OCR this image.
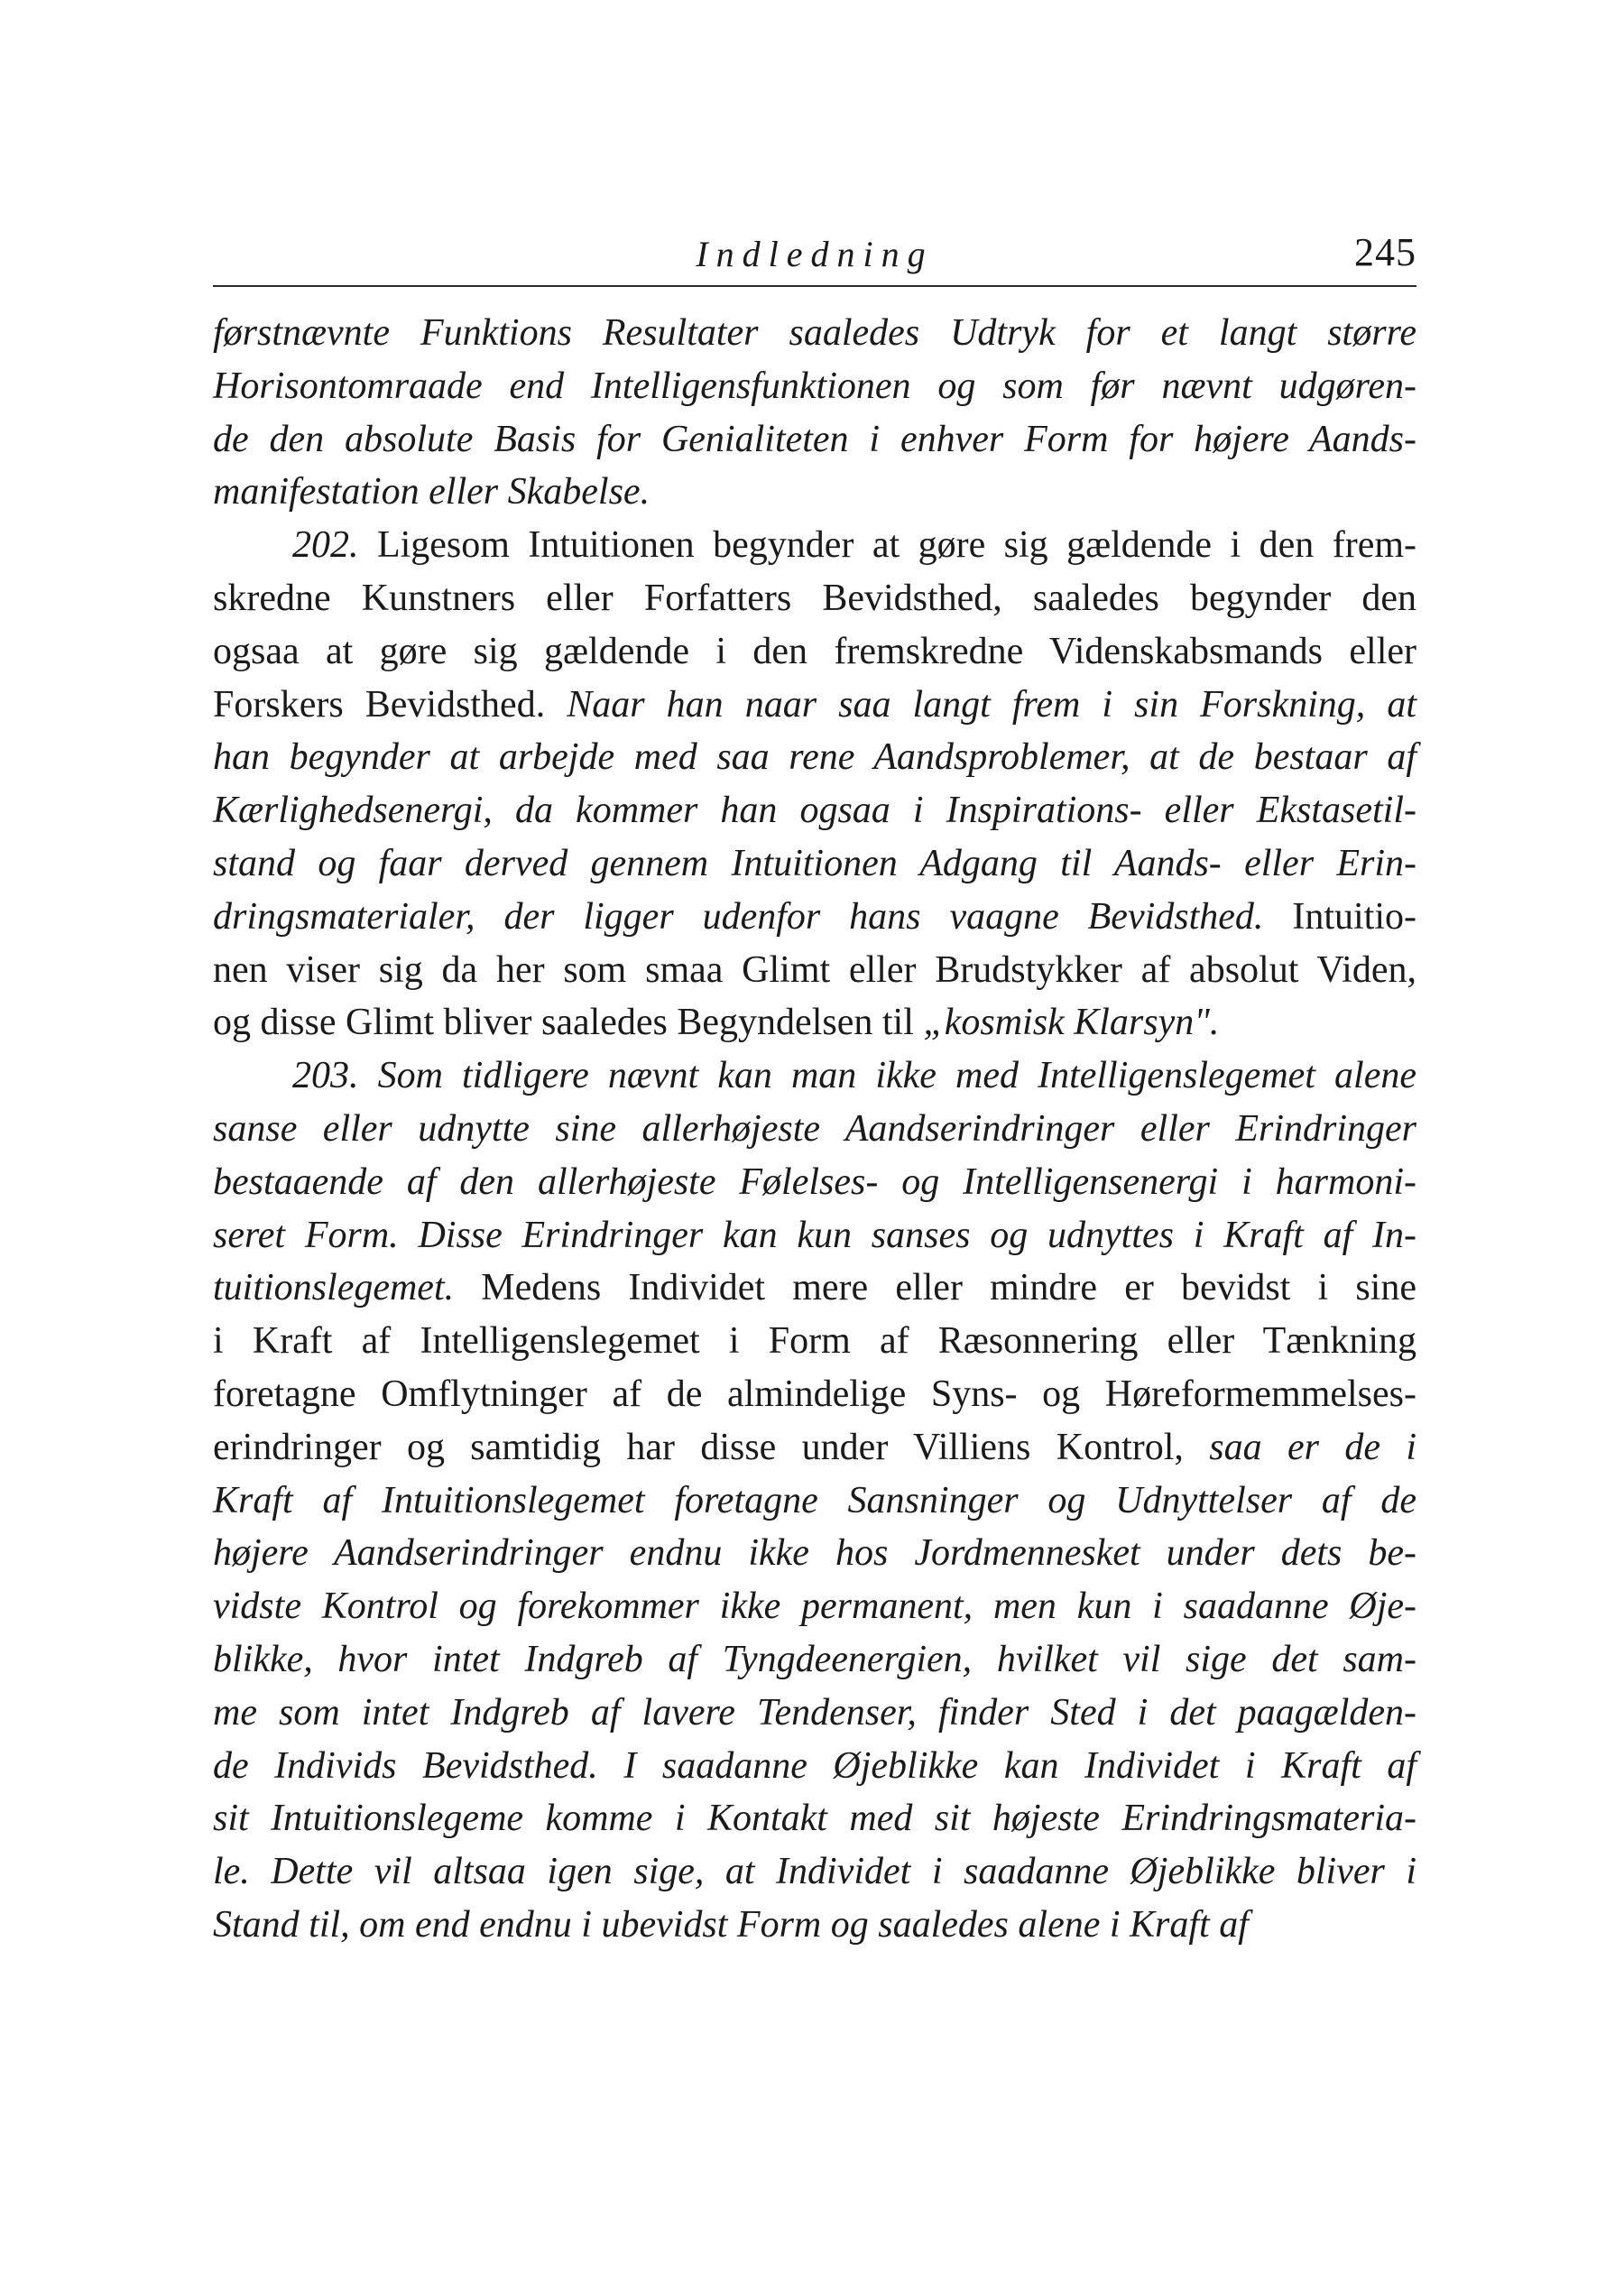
Indledning	245
førstnævnte Funktions Resultater saaledes Udtryk for et langt større
Horisontomraade end Intelligensfunktionen og som før nævnt udgøren-
de den absolute Basis for Genialiteten i enhver Form for højere Aands-
manifestation eller Skabelse.
202. Ligesom Intuitionen begynder at gøre sig gældende i den frem-
skredne Kunstners eller Forfatters Bevidsthed, saaledes begynder den
ogsaa at gøre sig gældende i den fremskredne Videnskabsmands eller
Forskers Bevidsthed. Naar han naar saa langt frem i sin Forskning, at
han begynder at arbejde med saa rene Aandsproblemer, at de bestaar af
Kærlighedsenergi, da kommer han ogsaa i Inspirations- eller Ekstasetil-
stand og faar derved gennem Intuitionen Adgang til Aands- eller Erin-
dringsmaterialer, der ligger udenfor hans vaagne Bevidsthed. Intuitio-
nen viser sig da her som smaa Glimt eller Brudstykker af absolut Viden,
og disse Glimt bliver saaledes Begyndelsen til „kosmisk Klarsyn".
203. Som tidligere nævnt kan man ikke med Intelligenslegemet alene
sanse eller udnytte sine allerhøjeste Aandserindringer eller Erindringer
bestaaende af den allerhøjeste Følelses- og Intelligensenergi i harmoni-
seret Form. Disse Erindringer kan kun sanses og udnyttes i Kraft af In-
tuitionslegemet. Medens Individet mere eller mindre er bevidst i sine
i Kraft af Intelligenslegemet i Form af Ræsonnering eller Tænkning
foretagne Omflytninger af de almindelige Syns- og Høreformemmelses-
erindringer og samtidig har disse under Villiens Kontrol, saa er de i
Kraft af Intuitionslegemet foretagne Sansninger og Udnyttelser af de
højere Aandserindringer endnu ikke hos Jordmennesket under dets be-
vidste Kontrol og forekommer ikke permanent, men kun i saadanne Øje-
blikke, hvor intet Indgreb af Tyngdeenergien, hvilket vil sige det sam-
me som intet Indgreb af lavere Tendenser, finder Sted i det paagælden-
de Individs Bevidsthed. I saadanne Øjeblikke kan Individet i Kraft af
sit Intuitionslegeme komme i Kontakt med sit højeste Erindringsmateria-
le. Dette vil altsaa igen sige, at Individet i saadanne Øjeblikke bliver i
Stand til, om end endnu i ubevidst Form og saaledes alene i Kraft af
